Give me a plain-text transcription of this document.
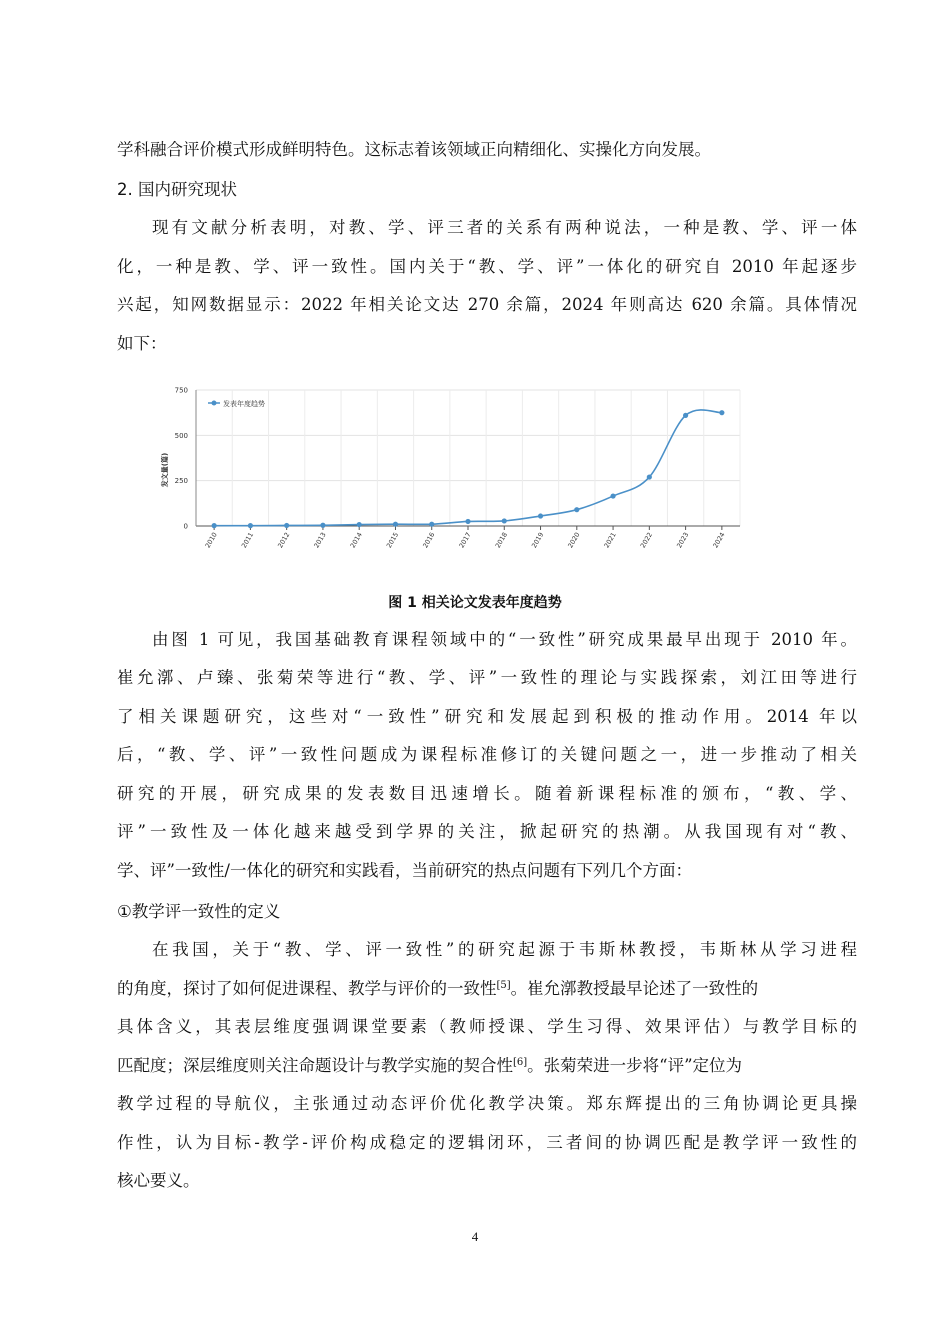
学科融合评价模式形成鲜明特色。这标志着该领域正向精细化、实操化方向发展。
2. 国内研究现状
现有文献分析表明，对教、学、评三者的关系有两种说法，一种是教、学、评一体
化，一种是教、学、评一致性。国内关于“教、学、评”一体化的研究自 2010 年起逐步
兴起，知网数据显示：2022 年相关论文达 270 余篇，2024 年则高达 620 余篇。具体情况
如下：
发文量(篇)
发表年度趋势
0
250
500
750
2010	2011	2012	2013	2014	2015	2016	2017	2018	2019	2020	2021	2022	2023	2024
图 1 相关论文发表年度趋势
由图 1 可见，我国基础教育课程领域中的“一致性”研究成果最早出现于 2010 年。
崔允漷、卢臻、张菊荣等进行“教、学、评”一致性的理论与实践探索，刘江田等进行
了相关课题研究，这些对“一致性”研究和发展起到积极的推动作用。2014 年以
后，“教、学、评”一致性问题成为课程标准修订的关键问题之一，进一步推动了相关
研究的开展，研究成果的发表数目迅速增长。随着新课程标准的颁布，“教、学、
评”一致性及一体化越来越受到学界的关注，掀起研究的热潮。从我国现有对“教、
学、评”一致性/一体化的研究和实践看，当前研究的热点问题有下列几个方面：
①教学评一致性的定义
在我国，关于“教、学、评一致性”的研究起源于韦斯林教授，韦斯林从学习进程
的角度，探讨了如何促进课程、教学与评价的一致性[5]。崔允漷教授最早论述了一致性的
具体含义，其表层维度强调课堂要素（教师授课、学生习得、效果评估）与教学目标的
匹配度；深层维度则关注命题设计与教学实施的契合性[6]。张菊荣进一步将“评”定位为
教学过程的导航仪，主张通过动态评价优化教学决策。郑东辉提出的三角协调论更具操
作性，认为目标-教学-评价构成稳定的逻辑闭环，三者间的协调匹配是教学评一致性的
核心要义。
4
